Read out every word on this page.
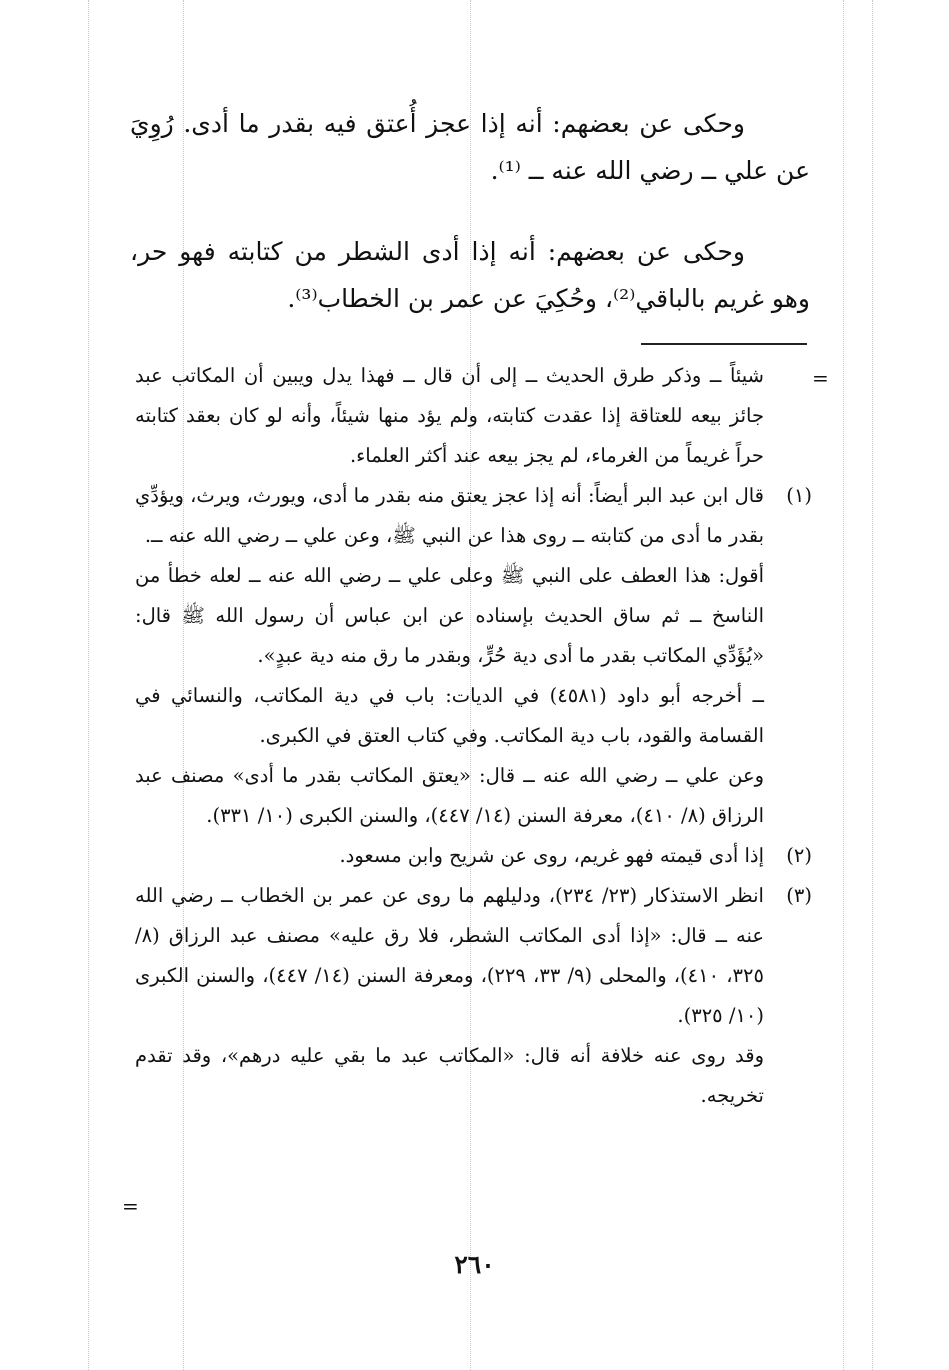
وحكى عن بعضهم: أنه إذا عجز أُعتق فيه بقدر ما أدى. رُوِيَ عن علي ــ رضي الله عنه ــ ⁽¹⁾.

وحكى عن بعضهم: أنه إذا أدى الشطر من كتابته فهو حر، وهو غريم بالباقي⁽²⁾، وحُكِيَ عن عمر بن الخطاب⁽³⁾.

=

شيئاً ــ وذكر طرق الحديث ــ إلى أن قال ــ فهذا يدل ويبين أن المكاتب عبد جائز بيعه للعتاقة إذا عقدت كتابته، ولم يؤد منها شيئاً، وأنه لو كان بعقد كتابته حراً غريماً من الغرماء، لم يجز بيعه عند أكثر العلماء.

(١)
قال ابن عبد البر أيضاً: أنه إذا عجز يعتق منه بقدر ما أدى، ويورث، ويرث، ويؤدِّي بقدر ما أدى من كتابته ــ روى هذا عن النبي ﷺ، وعن علي ــ رضي الله عنه ــ.
أقول: هذا العطف على النبي ﷺ وعلى علي ــ رضي الله عنه ــ لعله خطأ من الناسخ ــ ثم ساق الحديث بإسناده عن ابن عباس أن رسول الله ﷺ قال: «يُؤَدِّي المكاتب بقدر ما أدى دية حُرٍّ، وبقدر ما رق منه دية عبدٍ».
ــ أخرجه أبو داود (٤٥٨١) في الديات: باب في دية المكاتب، والنسائي في القسامة والقود، باب دية المكاتب. وفي كتاب العتق في الكبرى.
وعن علي ــ رضي الله عنه ــ قال: «يعتق المكاتب بقدر ما أدى» مصنف عبد الرزاق (٨/ ٤١٠)، معرفة السنن (١٤/ ٤٤٧)، والسنن الكبرى (١٠/ ٣٣١).
(٢)
إذا أدى قيمته فهو غريم، روى عن شريح وابن مسعود.
(٣)
انظر الاستذكار (٢٣/ ٢٣٤)، ودليلهم ما روى عن عمر بن الخطاب ــ رضي الله عنه ــ قال: «إذا أدى المكاتب الشطر، فلا رق عليه» مصنف عبد الرزاق (٨/ ٣٢٥، ٤١٠)، والمحلى (٩/ ٣٣، ٢٢٩)، ومعرفة السنن (١٤/ ٤٤٧)، والسنن الكبرى (١٠/ ٣٢٥).
وقد روى عنه خلافة أنه قال: «المكاتب عبد ما بقي عليه درهم»، وقد تقدم تخريجه.
=
٢٦٠
